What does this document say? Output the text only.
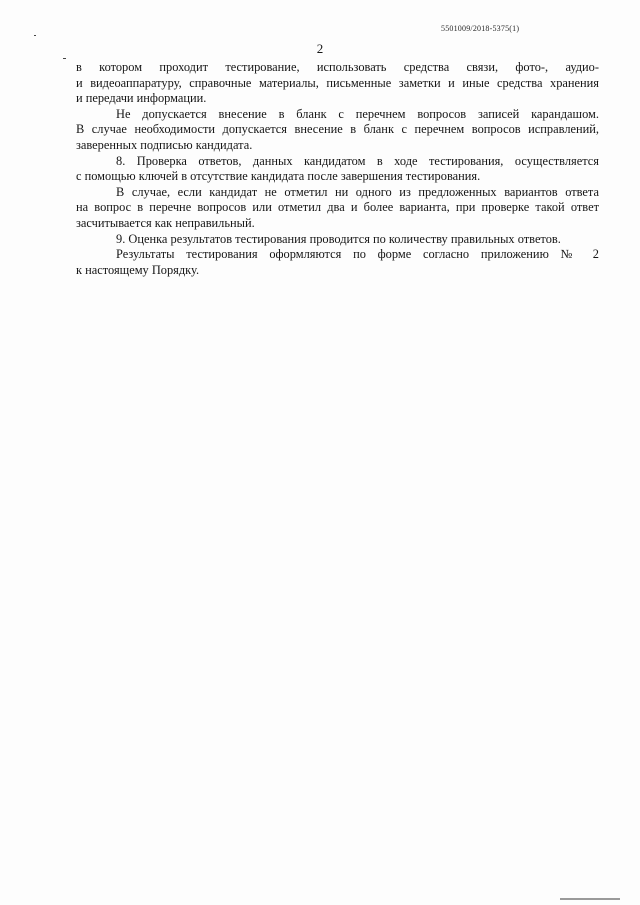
5501009/2018-5375(1)
2

в котором проходит тестирование, использовать средства связи, фото-, аудио-
и видеоаппаратуру, справочные материалы, письменные заметки и иные средства хранения
и передачи информации.

Не допускается внесение в бланк с перечнем вопросов записей карандашом.
В случае необходимости допускается внесение в бланк с перечнем вопросов исправлений,
заверенных подписью кандидата.

8. Проверка ответов, данных кандидатом в ходе тестирования, осуществляется
с помощью ключей в отсутствие кандидата после завершения тестирования.

В случае, если кандидат не отметил ни одного из предложенных вариантов ответа
на вопрос в перечне вопросов или отметил два и более варианта, при проверке такой ответ
засчитывается как неправильный.

9. Оценка результатов тестирования проводится по количеству правильных ответов.

Результаты тестирования оформляются по форме согласно приложению № 2
к настоящему Порядку.
